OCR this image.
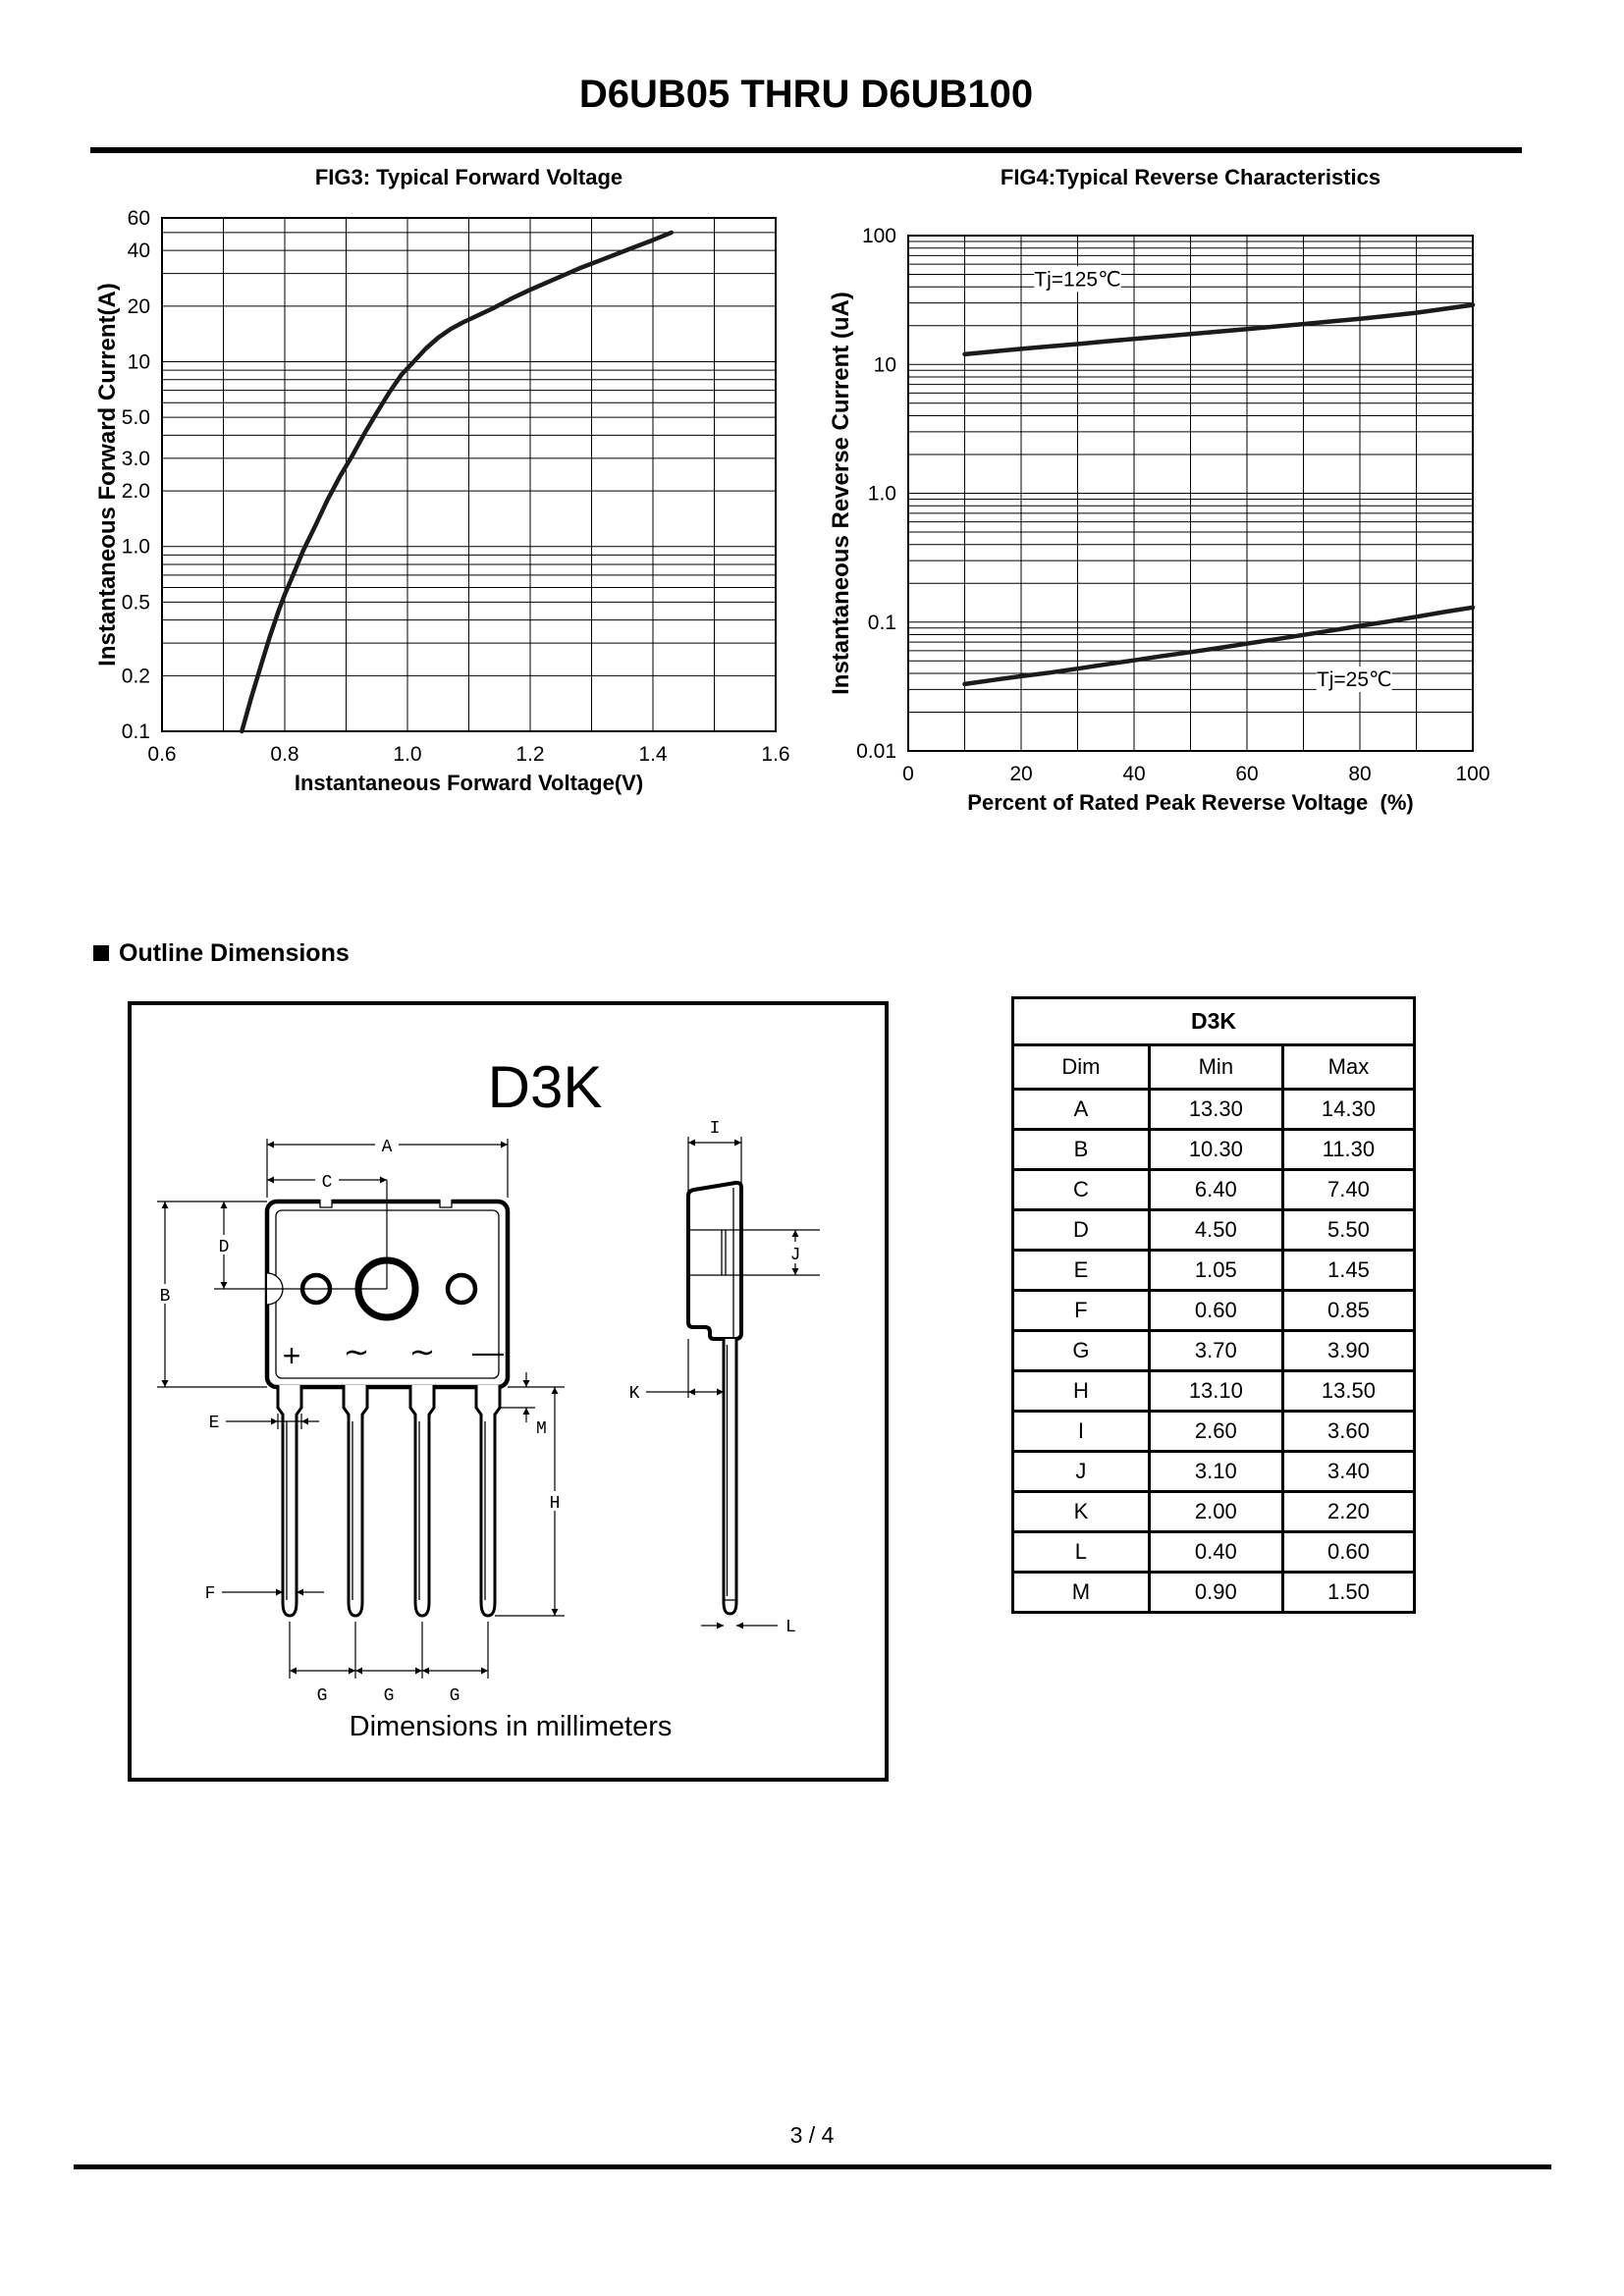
D6UB05 THRU D6UB100
0.6	0.8	1.0	1.2	1.4	1.6
60
40
20
10
5.0
3.0
2.0
1.0
0.5
0.2
0.1
FIG3: Typical Forward Voltage
Instantaneous Forward Voltage(V)
Instantaneous Forward Current(A)
0	20	40	60	80	100
100
10
1.0
0.1
0.01
FIG4:Typical Reverse Characteristics
Percent of Rated Peak Reverse Voltage  (%)
Instantaneous Reverse Current (uA)
Tj=125℃
Tj=25℃
Outline Dimensions
D3K
+ ∼ ∼ —
A
C
B
D
E
F
M
H
G	G	G
I
J
K
L
Dimensions in millimeters
D3K		
Dim	Min	Max
A	13.30	14.30
B	10.30	11.30
C	6.40	7.40
D	4.50	5.50
E	1.05	1.45
F	0.60	0.85
G	3.70	3.90
H	13.10	13.50
I	2.60	3.60
J	3.10	3.40
K	2.00	2.20
L	0.40	0.60
M	0.90	1.50
3 / 4
